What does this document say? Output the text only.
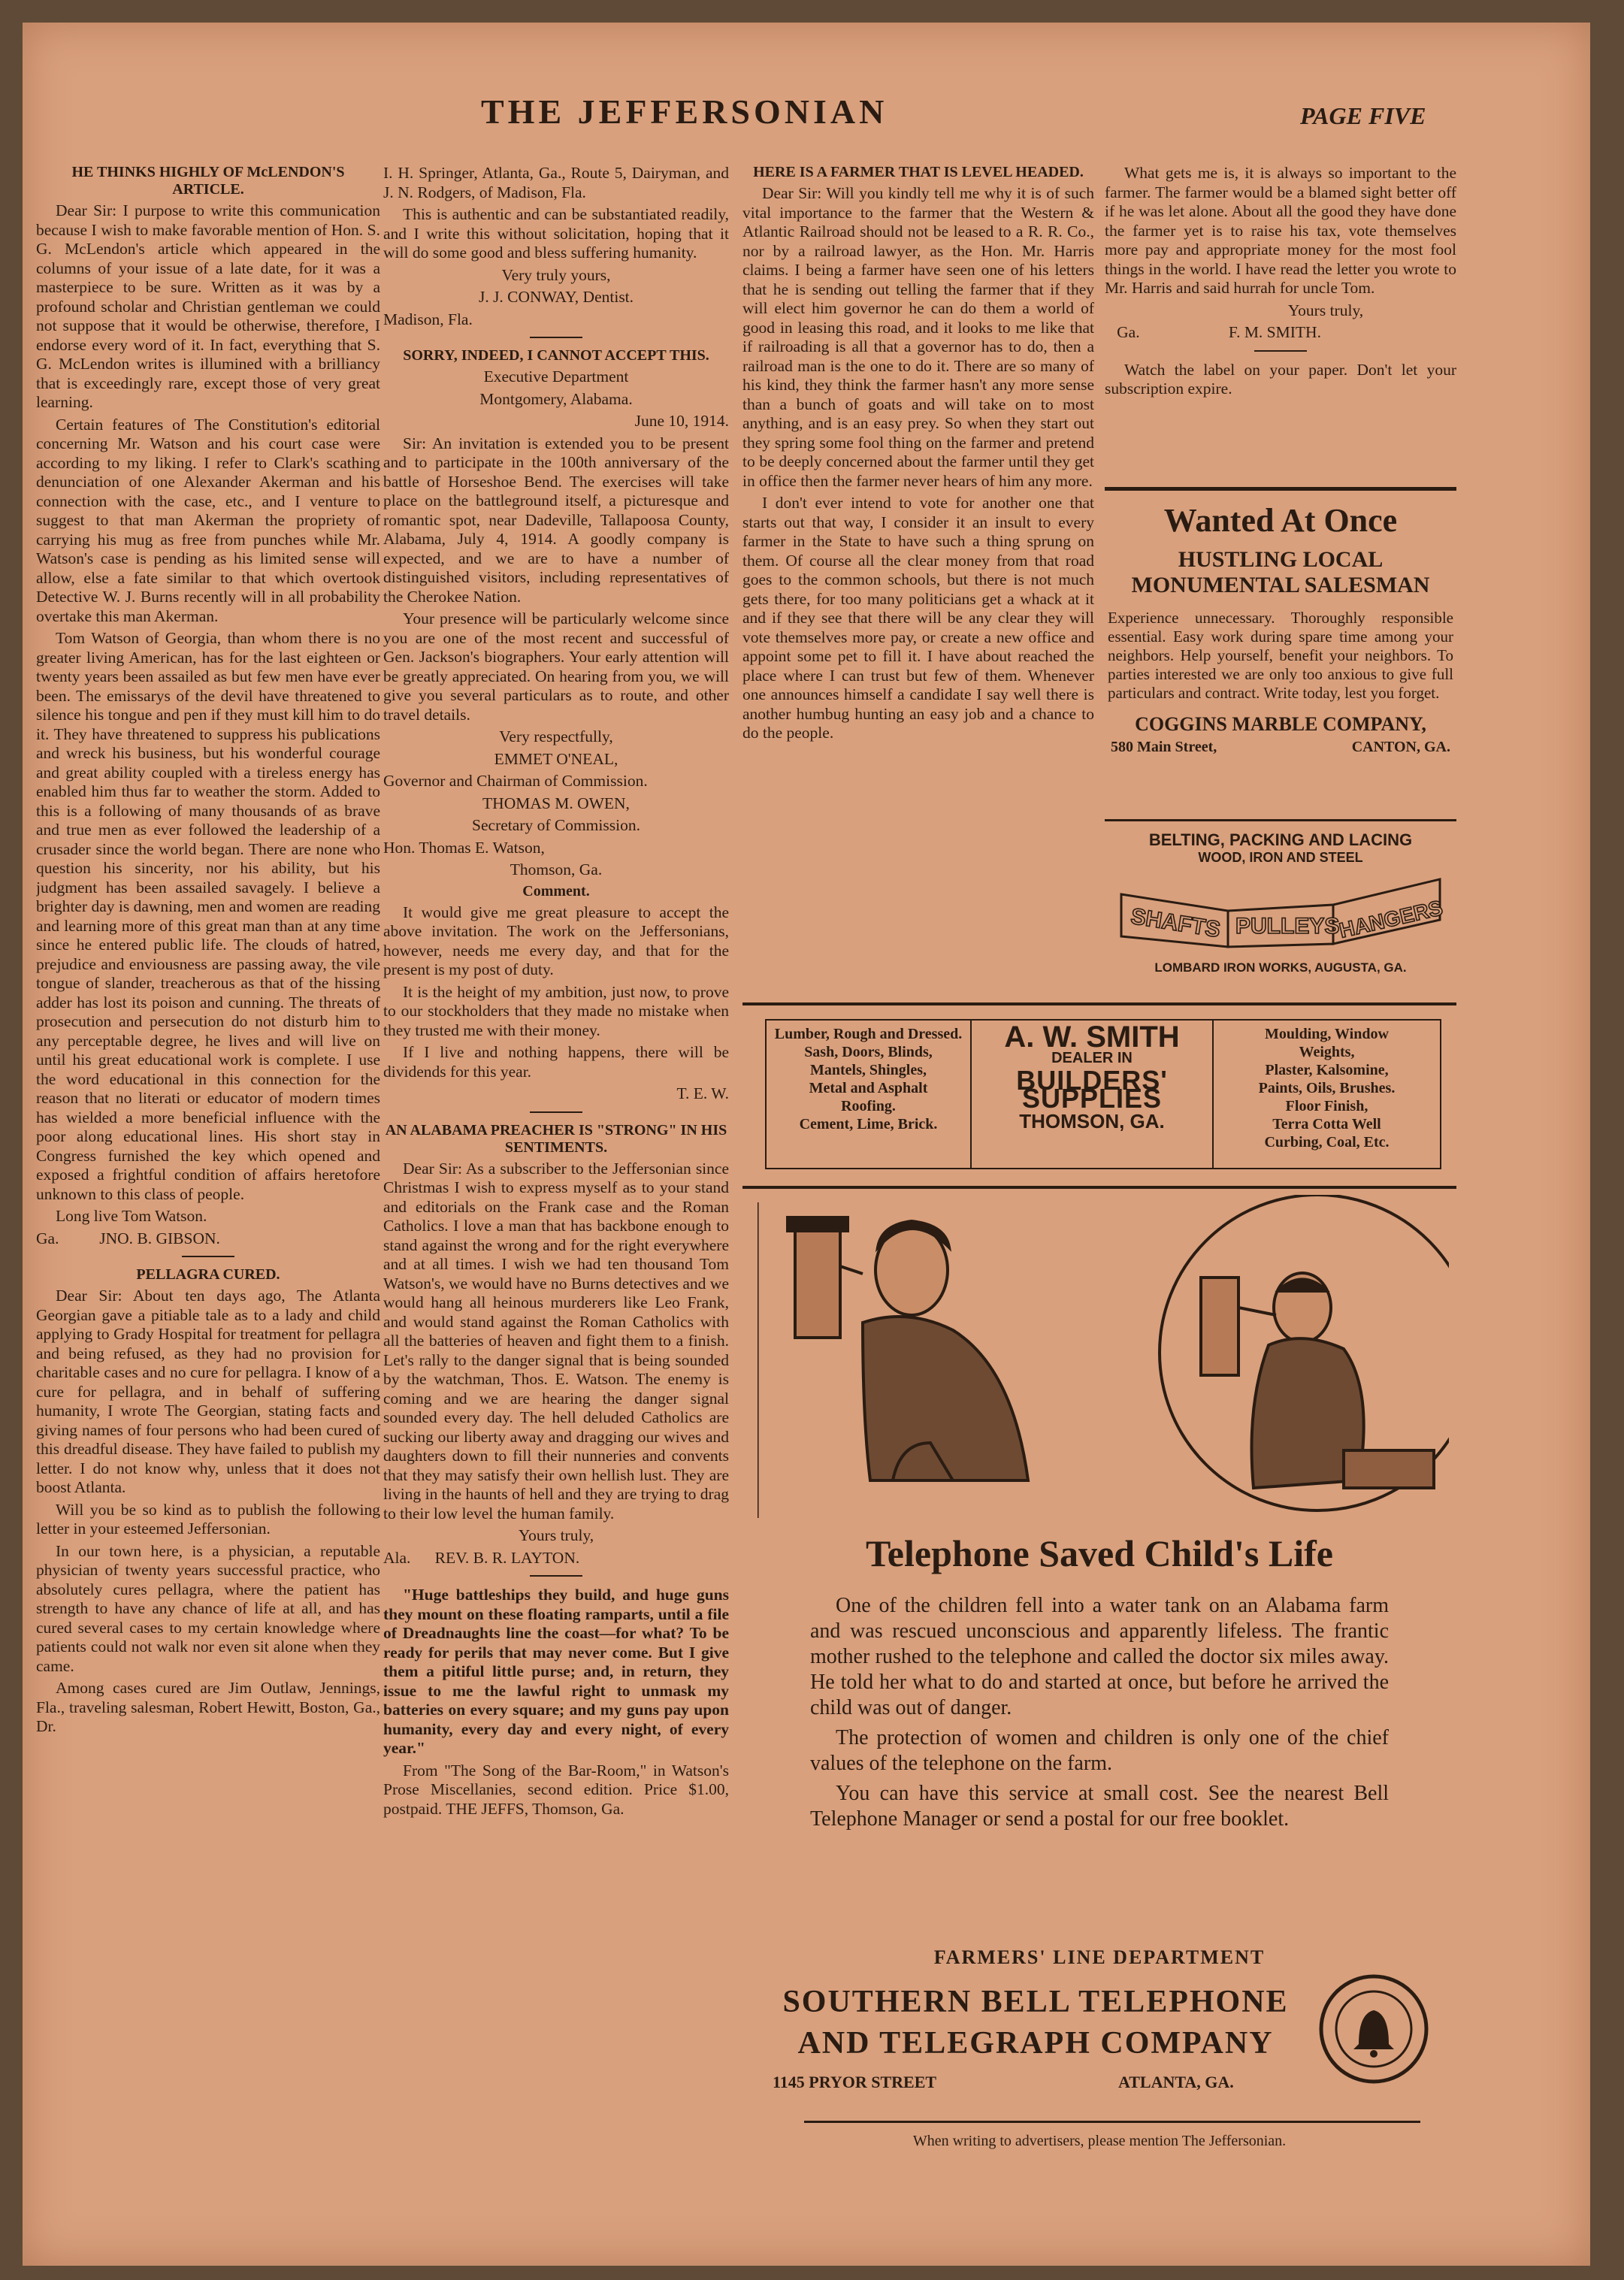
THE JEFFERSONIAN	PAGE FIVE

HE THINKS HIGHLY OF McLENDON'S ARTICLE.

Dear Sir: I purpose to write this communication because I wish to make favorable mention of Hon. S. G. McLendon's article which appeared in the columns of your issue of a late date, for it was a masterpiece to be sure. Written as it was by a profound scholar and Christian gentleman we could not suppose that it would be otherwise, therefore, I endorse every word of it. In fact, everything that S. G. McLendon writes is illumined with a brilliancy that is exceedingly rare, except those of very great learning.

Certain features of The Constitution's editorial concerning Mr. Watson and his court case were according to my liking. I refer to Clark's scathing denunciation of one Alexander Akerman and his connection with the case, etc., and I venture to suggest to that man Akerman the propriety of carrying his mug as free from punches while Mr. Watson's case is pending as his limited sense will allow, else a fate similar to that which overtook Detective W. J. Burns recently will in all probability overtake this man Akerman.

Tom Watson of Georgia, than whom there is no greater living American, has for the last eighteen or twenty years been assailed as but few men have ever been. The emissarys of the devil have threatened to silence his tongue and pen if they must kill him to do it. They have threatened to suppress his publications and wreck his business, but his wonderful courage and great ability coupled with a tireless energy has enabled him thus far to weather the storm. Added to this is a following of many thousands of as brave and true men as ever followed the leadership of a crusader since the world began. There are none who question his sincerity, nor his ability, but his judgment has been assailed savagely. I believe a brighter day is dawning, men and women are reading and learning more of this great man than at any time since he entered public life. The clouds of hatred, prejudice and enviousness are passing away, the vile tongue of slander, treacherous as that of the hissing adder has lost its poison and cunning. The threats of prosecution and persecution do not disturb him to any perceptable degree, he lives and will live on until his great educational work is complete. I use the word educational in this connection for the reason that no literati or educator of modern times has wielded a more beneficial influence with the poor along educational lines. His short stay in Congress furnished the key which opened and exposed a frightful condition of affairs heretofore unknown to this class of people.

Long live Tom Watson.

Ga.	JNO. B. GIBSON.

PELLAGRA CURED.

Dear Sir: About ten days ago, The Atlanta Georgian gave a pitiable tale as to a lady and child applying to Grady Hospital for treatment for pellagra and being refused, as they had no provision for charitable cases and no cure for pellagra. I know of a cure for pellagra, and in behalf of suffering humanity, I wrote The Georgian, stating facts and giving names of four persons who had been cured of this dreadful disease. They have failed to publish my letter. I do not know why, unless that it does not boost Atlanta.

Will you be so kind as to publish the following letter in your esteemed Jeffersonian.

In our town here, is a physician, a reputable physician of twenty years successful practice, who absolutely cures pellagra, where the patient has strength to have any chance of life at all, and has cured several cases to my certain knowledge where patients could not walk nor even sit alone when they came.

Among cases cured are Jim Outlaw, Jennings, Fla., traveling salesman, Robert Hewitt, Boston, Ga., Dr.

I. H. Springer, Atlanta, Ga., Route 5, Dairyman, and J. N. Rodgers, of Madison, Fla.

This is authentic and can be substantiated readily, and I write this without solicitation, hoping that it will do some good and bless suffering humanity.

Very truly yours,

J. J. CONWAY, Dentist.

Madison, Fla.

SORRY, INDEED, I CANNOT ACCEPT THIS.

Executive Department

Montgomery, Alabama.

June 10, 1914.

Sir: An invitation is extended you to be present and to participate in the 100th anniversary of the battle of Horseshoe Bend. The exercises will take place on the battleground itself, a picturesque and romantic spot, near Dadeville, Tallapoosa County, Alabama, July 4, 1914. A goodly company is expected, and we are to have a number of distinguished visitors, including representatives of the Cherokee Nation.

Your presence will be particularly welcome since you are one of the most recent and successful of Gen. Jackson's biographers. Your early attention will be greatly appreciated. On hearing from you, we will give you several particulars as to route, and other travel details.

Very respectfully,

EMMET O'NEAL,

Governor and Chairman of Commission.

THOMAS M. OWEN,

Secretary of Commission.

Hon. Thomas E. Watson,

Thomson, Ga.

Comment.

It would give me great pleasure to accept the above invitation. The work on the Jeffersonians, however, needs me every day, and that for the present is my post of duty.

It is the height of my ambition, just now, to prove to our stockholders that they made no mistake when they trusted me with their money.

If I live and nothing happens, there will be dividends for this year.

T. E. W.

AN ALABAMA PREACHER IS "STRONG" IN HIS SENTIMENTS.

Dear Sir: As a subscriber to the Jeffersonian since Christmas I wish to express myself as to your stand and editorials on the Frank case and the Roman Catholics. I love a man that has backbone enough to stand against the wrong and for the right everywhere and at all times. I wish we had ten thousand Tom Watson's, we would have no Burns detectives and we would hang all heinous murderers like Leo Frank, and would stand against the Roman Catholics with all the batteries of heaven and fight them to a finish. Let's rally to the danger signal that is being sounded by the watchman, Thos. E. Watson. The enemy is coming and we are hearing the danger signal sounded every day. The hell deluded Catholics are sucking our liberty away and dragging our wives and daughters down to fill their nunneries and convents that they may satisfy their own hellish lust. They are living in the haunts of hell and they are trying to drag to their low level the human family.

Yours truly,

Ala. REV. B. R. LAYTON.

"Huge battleships they build, and huge guns they mount on these floating ramparts, until a file of Dreadnaughts line the coast—for what? To be ready for perils that may never come. But I give them a pitiful little purse; and, in return, they issue to me the lawful right to unmask my batteries on every square; and my guns pay upon humanity, every day and every night, of every year."

From "The Song of the Bar-Room," in Watson's Prose Miscellanies, second edition. Price $1.00, postpaid. THE JEFFS, Thomson, Ga.

HERE IS A FARMER THAT IS LEVEL HEADED.

Dear Sir: Will you kindly tell me why it is of such vital importance to the farmer that the Western & Atlantic Railroad should not be leased to a R. R. Co., nor by a railroad lawyer, as the Hon. Mr. Harris claims. I being a farmer have seen one of his letters that he is sending out telling the farmer that if they will elect him governor he can do them a world of good in leasing this road, and it looks to me like that if railroading is all that a governor has to do, then a railroad man is the one to do it. There are so many of his kind, they think the farmer hasn't any more sense than a bunch of goats and will take on to most anything, and is an easy prey. So when they start out they spring some fool thing on the farmer and pretend to be deeply concerned about the farmer until they get in office then the farmer never hears of him any more.

I don't ever intend to vote for another one that starts out that way, I consider it an insult to every farmer in the State to have such a thing sprung on them. Of course all the clear money from that road goes to the common schools, but there is not much gets there, for too many politicians get a whack at it and if they see that there will be any clear they will vote themselves more pay, or create a new office and appoint some pet to fill it. I have about reached the place where I can trust but few of them. Whenever one announces himself a candidate I say well there is another humbug hunting an easy job and a chance to do the people.

What gets me is, it is always so important to the farmer. The farmer would be a blamed sight better off if he was let alone. About all the good they have done the farmer yet is to raise his tax, vote themselves more pay and appropriate money for the most fool things in the world. I have read the letter you wrote to Mr. Harris and said hurrah for uncle Tom.

Yours truly,

Ga.	F. M. SMITH.

Watch the label on your paper. Don't let your subscription expire.

Wanted At Once
HUSTLING LOCAL MONUMENTAL SALESMAN
Experience unnecessary. Thoroughly responsible essential. Easy work during spare time among your neighbors. Help yourself, benefit your neighbors. To parties interested we are only too anxious to give full particulars and contract. Write today, lest you forget.
COGGINS MARBLE COMPANY,
580 Main Street,	CANTON, GA.
BELTING, PACKING AND LACING
WOOD, IRON AND STEEL
SHAFTS PULLEYS
HANGERS
LOMBARD IRON WORKS, AUGUSTA, GA.
Lumber, Rough and Dressed.
Sash, Doors, Blinds,
Mantels, Shingles,
Metal and Asphalt
Roofing.
Cement, Lime, Brick.
A. W. SMITH
DEALER IN
BUILDERS' SUPPLIES
THOMSON, GA.
Moulding, Window
Weights,
Plaster, Kalsomine,
Paints, Oils, Brushes.
Floor Finish,
Terra Cotta Well
Curbing, Coal, Etc.
Telephone Saved Child's Life

One of the children fell into a water tank on an Alabama farm and was rescued unconscious and apparently lifeless. The frantic mother rushed to the telephone and called the doctor six miles away. He told her what to do and started at once, but before he arrived the child was out of danger.

The protection of women and children is only one of the chief values of the telephone on the farm.

You can have this service at small cost. See the nearest Bell Telephone Manager or send a postal for our free booklet.

FARMERS' LINE DEPARTMENT
SOUTHERN BELL TELEPHONE
AND TELEGRAPH COMPANY
1145 PRYOR STREET	ATLANTA, GA.
When writing to advertisers, please mention The Jeffersonian.
